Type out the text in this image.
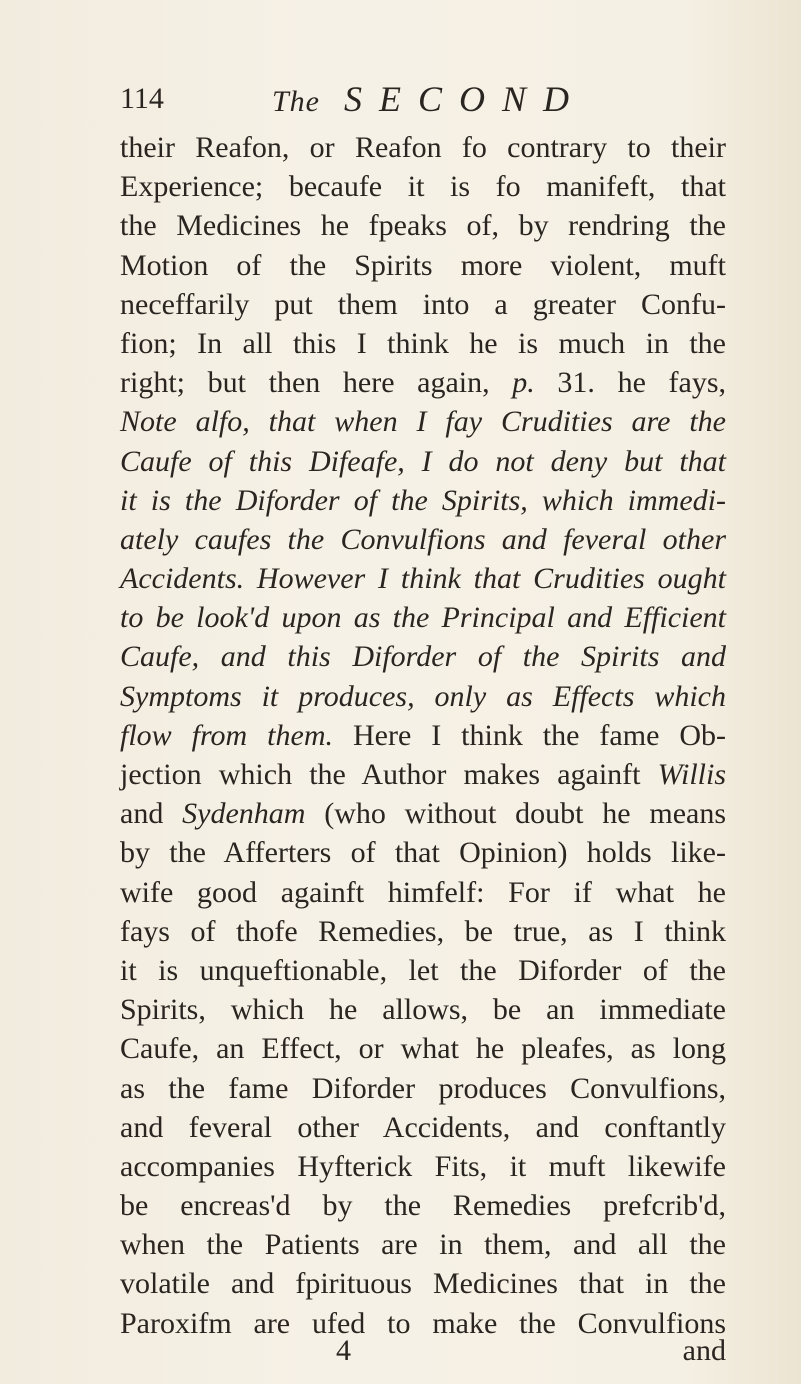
114	The SECOND
their Reafon, or Reafon fo contrary to their
Experience; becaufe it is fo manifeft, that
the Medicines he fpeaks of, by rendring the
Motion of the Spirits more violent, muft
neceffarily put them into a greater Confu-
fion; In all this I think he is much in the
right; but then here again, p. 31. he fays,
Note alfo, that when I fay Crudities are the
Caufe of this Difeafe, I do not deny but that
it is the Diforder of the Spirits, which immedi-
ately caufes the Convulfions and feveral other
Accidents. However I think that Crudities ought
to be look'd upon as the Principal and Efficient
Caufe, and this Diforder of the Spirits and
Symptoms it produces, only as Effects which
flow from them. Here I think the fame Ob-
jection which the Author makes againft Willis
and Sydenham (who without doubt he means
by the Afferters of that Opinion) holds like-
wife good againft himfelf: For if what he
fays of thofe Remedies, be true, as I think
it is unqueftionable, let the Diforder of the
Spirits, which he allows, be an immediate
Caufe, an Effect, or what he pleafes, as long
as the fame Diforder produces Convulfions,
and feveral other Accidents, and conftantly
accompanies Hyfterick Fits, it muft likewife
be encreas'd by the Remedies prefcrib'd,
when the Patients are in them, and all the
volatile and fpirituous Medicines that in the
Paroxifm are ufed to make the Convulfions
4	and
